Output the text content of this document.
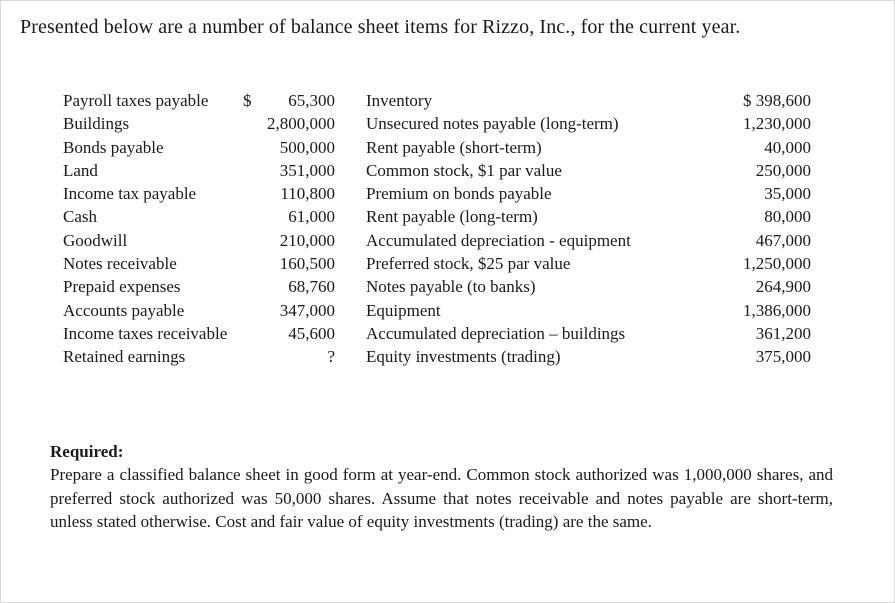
Presented below are a number of balance sheet items for Rizzo, Inc., for the current year.
Payroll taxes payable
Buildings
Bonds payable
Land
Income tax payable
Cash
Goodwill
Notes receivable
Prepaid expenses
Accounts payable
Income taxes receivable
Retained earnings
$ 65,300
2,800,000
500,000
351,000
110,800
61,000
210,000
160,500
68,760
347,000
45,600
?
Inventory
Unsecured notes payable (long-term)
Rent payable (short-term)
Common stock, $1 par value
Premium on bonds payable
Rent payable (long-term)
Accumulated depreciation - equipment
Preferred stock, $25 par value
Notes payable (to banks)
Equipment
Accumulated depreciation – buildings
Equity investments (trading)
$ 398,600
1,230,000
40,000
250,000
35,000
80,000
467,000
1,250,000
264,900
1,386,000
361,200
375,000
Required:
Prepare a classified balance sheet in good form at year-end. Common stock authorized was 1,000,000 shares, and preferred stock authorized was 50,000 shares. Assume that notes receivable and notes payable are short-term, unless stated otherwise. Cost and fair value of equity investments (trading) are the same.
